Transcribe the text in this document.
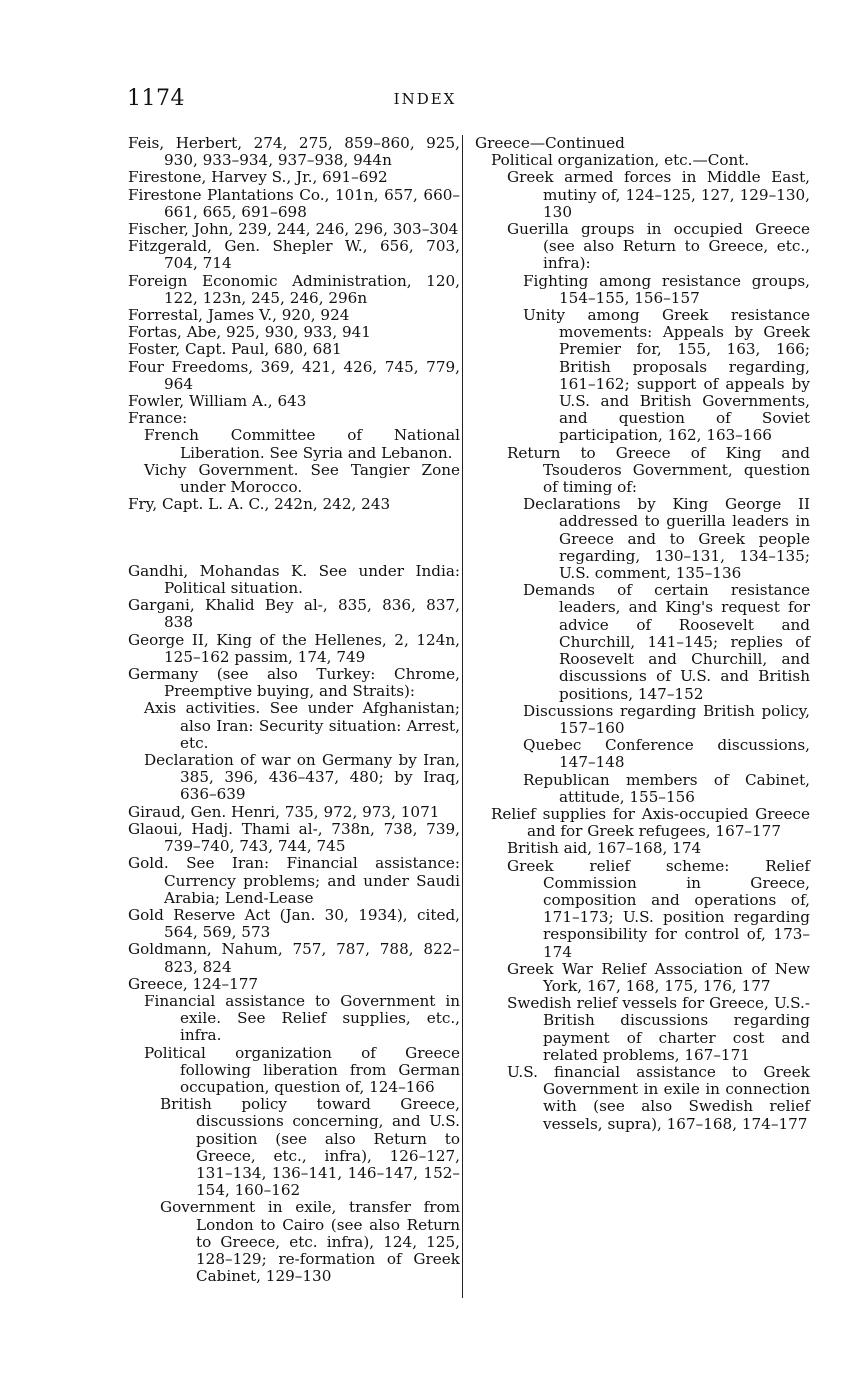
1174	INDEX

Feis, Herbert, 274, 275, 859–860, 925, 930, 933–934, 937–938, 944n

Firestone, Harvey S., Jr., 691–692

Firestone Plantations Co., 101n, 657, 660–661, 665, 691–698

Fischer, John, 239, 244, 246, 296, 303–304

Fitzgerald, Gen. Shepler W., 656, 703, 704, 714

Foreign Economic Administration, 120, 122, 123n, 245, 246, 296n

Forrestal, James V., 920, 924

Fortas, Abe, 925, 930, 933, 941

Foster, Capt. Paul, 680, 681

Four Freedoms, 369, 421, 426, 745, 779, 964

Fowler, William A., 643

France:

French Committee of National Liberation. See Syria and Lebanon.

Vichy Government. See Tangier Zone under Morocco.

Fry, Capt. L. A. C., 242n, 242, 243

Gandhi, Mohandas K. See under India: Political situation.

Gargani, Khalid Bey al-, 835, 836, 837, 838

George II, King of the Hellenes, 2, 124n, 125–162 passim, 174, 749

Germany (see also Turkey: Chrome, Preemptive buying, and Straits):

Axis activities. See under Afghanistan; also Iran: Security situation: Arrest, etc.

Declaration of war on Germany by Iran, 385, 396, 436–437, 480; by Iraq, 636–639

Giraud, Gen. Henri, 735, 972, 973, 1071

Glaoui, Hadj. Thami al-, 738n, 738, 739, 739–740, 743, 744, 745

Gold. See Iran: Financial assistance: Currency problems; and under Saudi Arabia; Lend-Lease

Gold Reserve Act (Jan. 30, 1934), cited, 564, 569, 573

Goldmann, Nahum, 757, 787, 788, 822–823, 824

Greece, 124–177

Financial assistance to Government in exile. See Relief supplies, etc., infra.

Political organization of Greece following liberation from German occupation, question of, 124–166

British policy toward Greece, discussions concerning, and U.S. position (see also Return to Greece, etc., infra), 126–127, 131–134, 136–141, 146–147, 152–154, 160–162

Government in exile, transfer from London to Cairo (see also Return to Greece, etc. infra), 124, 125, 128–129; re-formation of Greek Cabinet, 129–130

Greece—Continued

Political organization, etc.—Cont.

Greek armed forces in Middle East, mutiny of, 124–125, 127, 129–130, 130

Guerilla groups in occupied Greece (see also Return to Greece, etc., infra):

Fighting among resistance groups, 154–155, 156–157

Unity among Greek resistance movements: Appeals by Greek Premier for, 155, 163, 166; British proposals regarding, 161–162; support of appeals by U.S. and British Governments, and question of Soviet participation, 162, 163–166

Return to Greece of King and Tsouderos Government, question of timing of:

Declarations by King George II addressed to guerilla leaders in Greece and to Greek people regarding, 130–131, 134–135; U.S. comment, 135–136

Demands of certain resistance leaders, and King's request for advice of Roosevelt and Churchill, 141–145; replies of Roosevelt and Churchill, and discussions of U.S. and British positions, 147–152

Discussions regarding British policy, 157–160

Quebec Conference discussions, 147–148

Republican members of Cabinet, attitude, 155–156

Relief supplies for Axis-occupied Greece and for Greek refugees, 167–177

British aid, 167–168, 174

Greek relief scheme: Relief Commission in Greece, composition and operations of, 171–173; U.S. position regarding responsibility for control of, 173–174

Greek War Relief Association of New York, 167, 168, 175, 176, 177

Swedish relief vessels for Greece, U.S.-British discussions regarding payment of charter cost and related problems, 167–171

U.S. financial assistance to Greek Government in exile in connection with (see also Swedish relief vessels, supra), 167–168, 174–177
